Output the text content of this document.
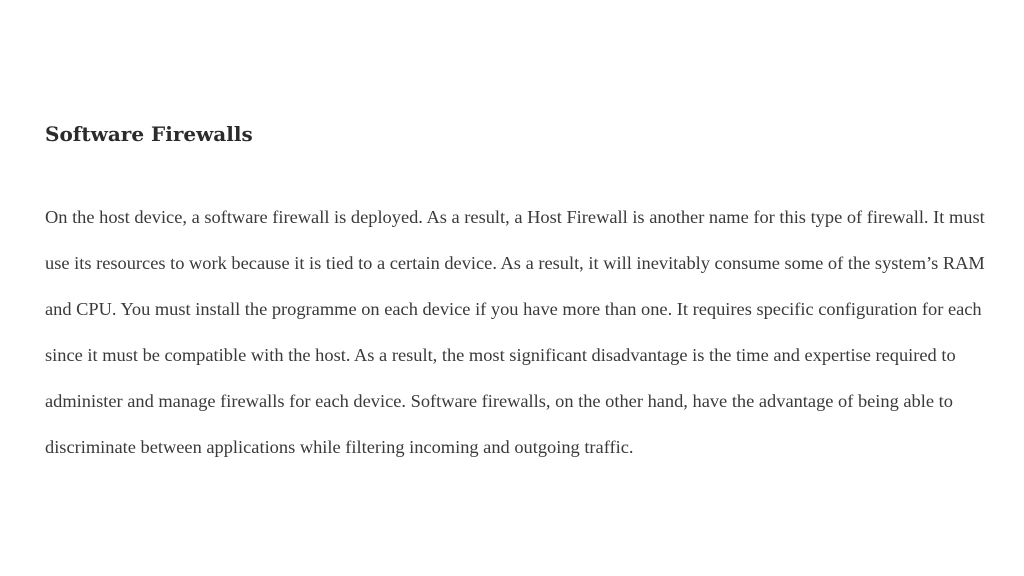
Software Firewalls

On the host device, a software firewall is deployed. As a result, a Host Firewall is another name for this type of firewall. It must use its resources to work because it is tied to a certain device. As a result, it will inevitably consume some of the system’s RAM and CPU. You must install the programme on each device if you have more than one. It requires specific configuration for each since it must be compatible with the host. As a result, the most significant disadvantage is the time and expertise required to administer and manage firewalls for each device. Software firewalls, on the other hand, have the advantage of being able to discriminate between applications while filtering incoming and outgoing traffic.
